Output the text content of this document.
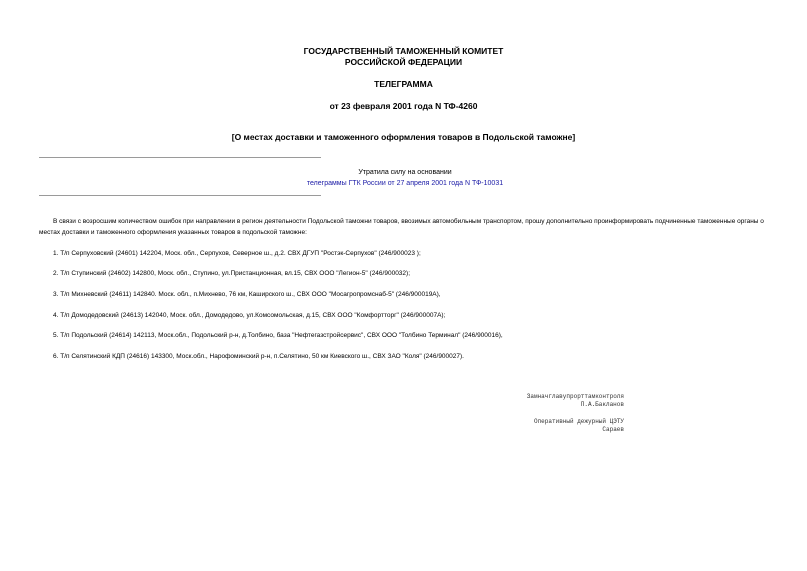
ГОСУДАРСТВЕННЫЙ ТАМОЖЕННЫЙ КОМИТЕТ
РОССИЙСКОЙ ФЕДЕРАЦИИ
ТЕЛЕГРАММА
от 23 февраля 2001 года N ТФ-4260
[О местах доставки и таможенного оформления товаров в Подольской таможне]
Утратила силу на основании
телеграммы ГТК России от 27 апреля 2001 года N ТФ-10031
В связи с возросшим количеством ошибок при направлении в регион деятельности Подольской таможни товаров, ввозимых автомобильным транспортом, прошу дополнительно проинформировать подчиненные таможенные органы о местах доставки и таможенного оформления указанных товаров в подольской таможне:
1. Т/п Серпуховский (24601) 142204, Моск. обл., Серпухов, Северное ш., д.2. СВХ ДГУП "Ростэк-Серпухов" (246/900023 );
2. Т/п Ступинский (24602) 142800, Моск. обл., Ступино, ул.Пристанционная, вл.15, СВХ ООО "Легион-5" (246/900032);
3. Т/п Михневский (24611) 142840. Моск. обл., п.Михнево, 76 км, Каширского ш., СВХ ООО "Мосагропромснаб-5" (246/900019А),
4. Т/п Домодедовский (24613) 142040, Моск. обл., Домодедово, ул.Комсомольская, д.15, СВХ ООО "Комфортторг" (246/900007А);
5. Т/п Подольский (24614) 142113, Моск.обл., Подольский р-н, д.Толбино, база "Нефтегазстройсервис", СВХ ООО "Толбино Терминал" (246/900016),
6. Т/п Селятинский КДП (24616) 143300, Моск.обл., Нарофоминский р-н, п.Селятино, 50 км Киевского ш., СВХ ЗАО "Коля" (246/900027).
Замначглавупрорттамконтроля
П.А.Бакланов
Оперативный дежурный ЦЭТУ
Сараев
